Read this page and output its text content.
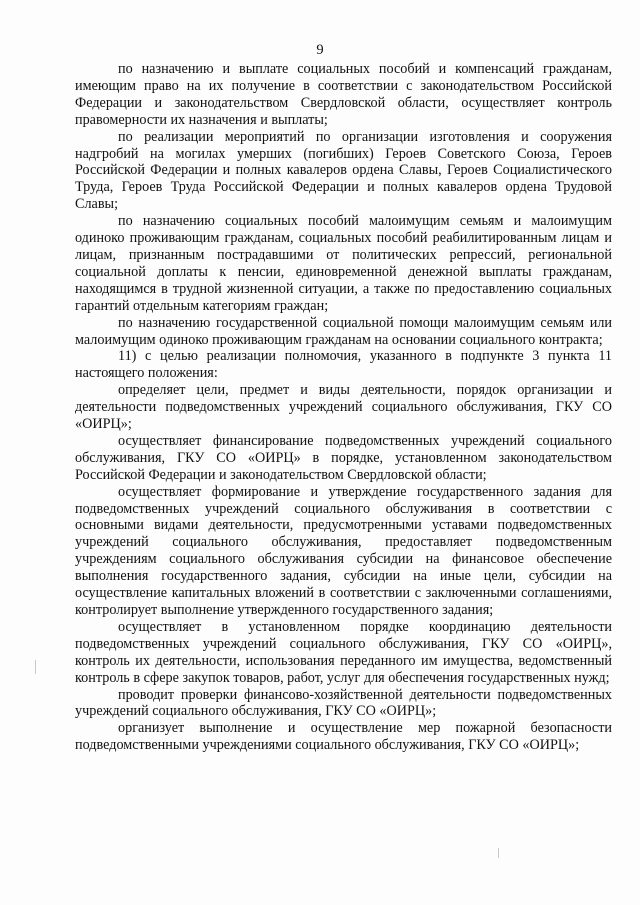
9

по назначению и выплате социальных пособий и компенсаций гражданам, имеющим право на их получение в соответствии с законодательством Российской Федерации и законодательством Свердловской области, осуществляет контроль правомерности их назначения и выплаты;

по реализации мероприятий по организации изготовления и сооружения надгробий на могилах умерших (погибших) Героев Советского Союза, Героев Российской Федерации и полных кавалеров ордена Славы, Героев Социалистического Труда, Героев Труда Российской Федерации и полных кавалеров ордена Трудовой Славы;

по назначению социальных пособий малоимущим семьям и малоимущим одиноко проживающим гражданам, социальных пособий реабилитированным лицам и лицам, признанным пострадавшими от политических репрессий, региональной социальной доплаты к пенсии, единовременной денежной выплаты гражданам, находящимся в трудной жизненной ситуации, а также по предоставлению социальных гарантий отдельным категориям граждан;

по назначению государственной социальной помощи малоимущим семьям или малоимущим одиноко проживающим гражданам на основании социального контракта;

11) с целью реализации полномочия, указанного в подпункте 3 пункта 11 настоящего положения:

определяет цели, предмет и виды деятельности, порядок организации и деятельности подведомственных учреждений социального обслуживания, ГКУ СО «ОИРЦ»;

осуществляет финансирование подведомственных учреждений социального обслуживания, ГКУ СО «ОИРЦ» в порядке, установленном законодательством Российской Федерации и законодательством Свердловской области;

осуществляет формирование и утверждение государственного задания для подведомственных учреждений социального обслуживания в соответствии с основными видами деятельности, предусмотренными уставами подведомственных учреждений социального обслуживания, предоставляет подведомственным учреждениям социального обслуживания субсидии на финансовое обеспечение выполнения государственного задания, субсидии на иные цели, субсидии на осуществление капитальных вложений в соответствии с заключенными соглашениями, контролирует выполнение утвержденного государственного задания;

осуществляет в установленном порядке координацию деятельности подведомственных учреждений социального обслуживания, ГКУ СО «ОИРЦ», контроль их деятельности, использования переданного им имущества, ведомственный контроль в сфере закупок товаров, работ, услуг для обеспечения государственных нужд;

проводит проверки финансово-хозяйственной деятельности подведомственных учреждений социального обслуживания, ГКУ СО «ОИРЦ»;

организует выполнение и осуществление мер пожарной безопасности подведомственными учреждениями социального обслуживания, ГКУ СО «ОИРЦ»;
